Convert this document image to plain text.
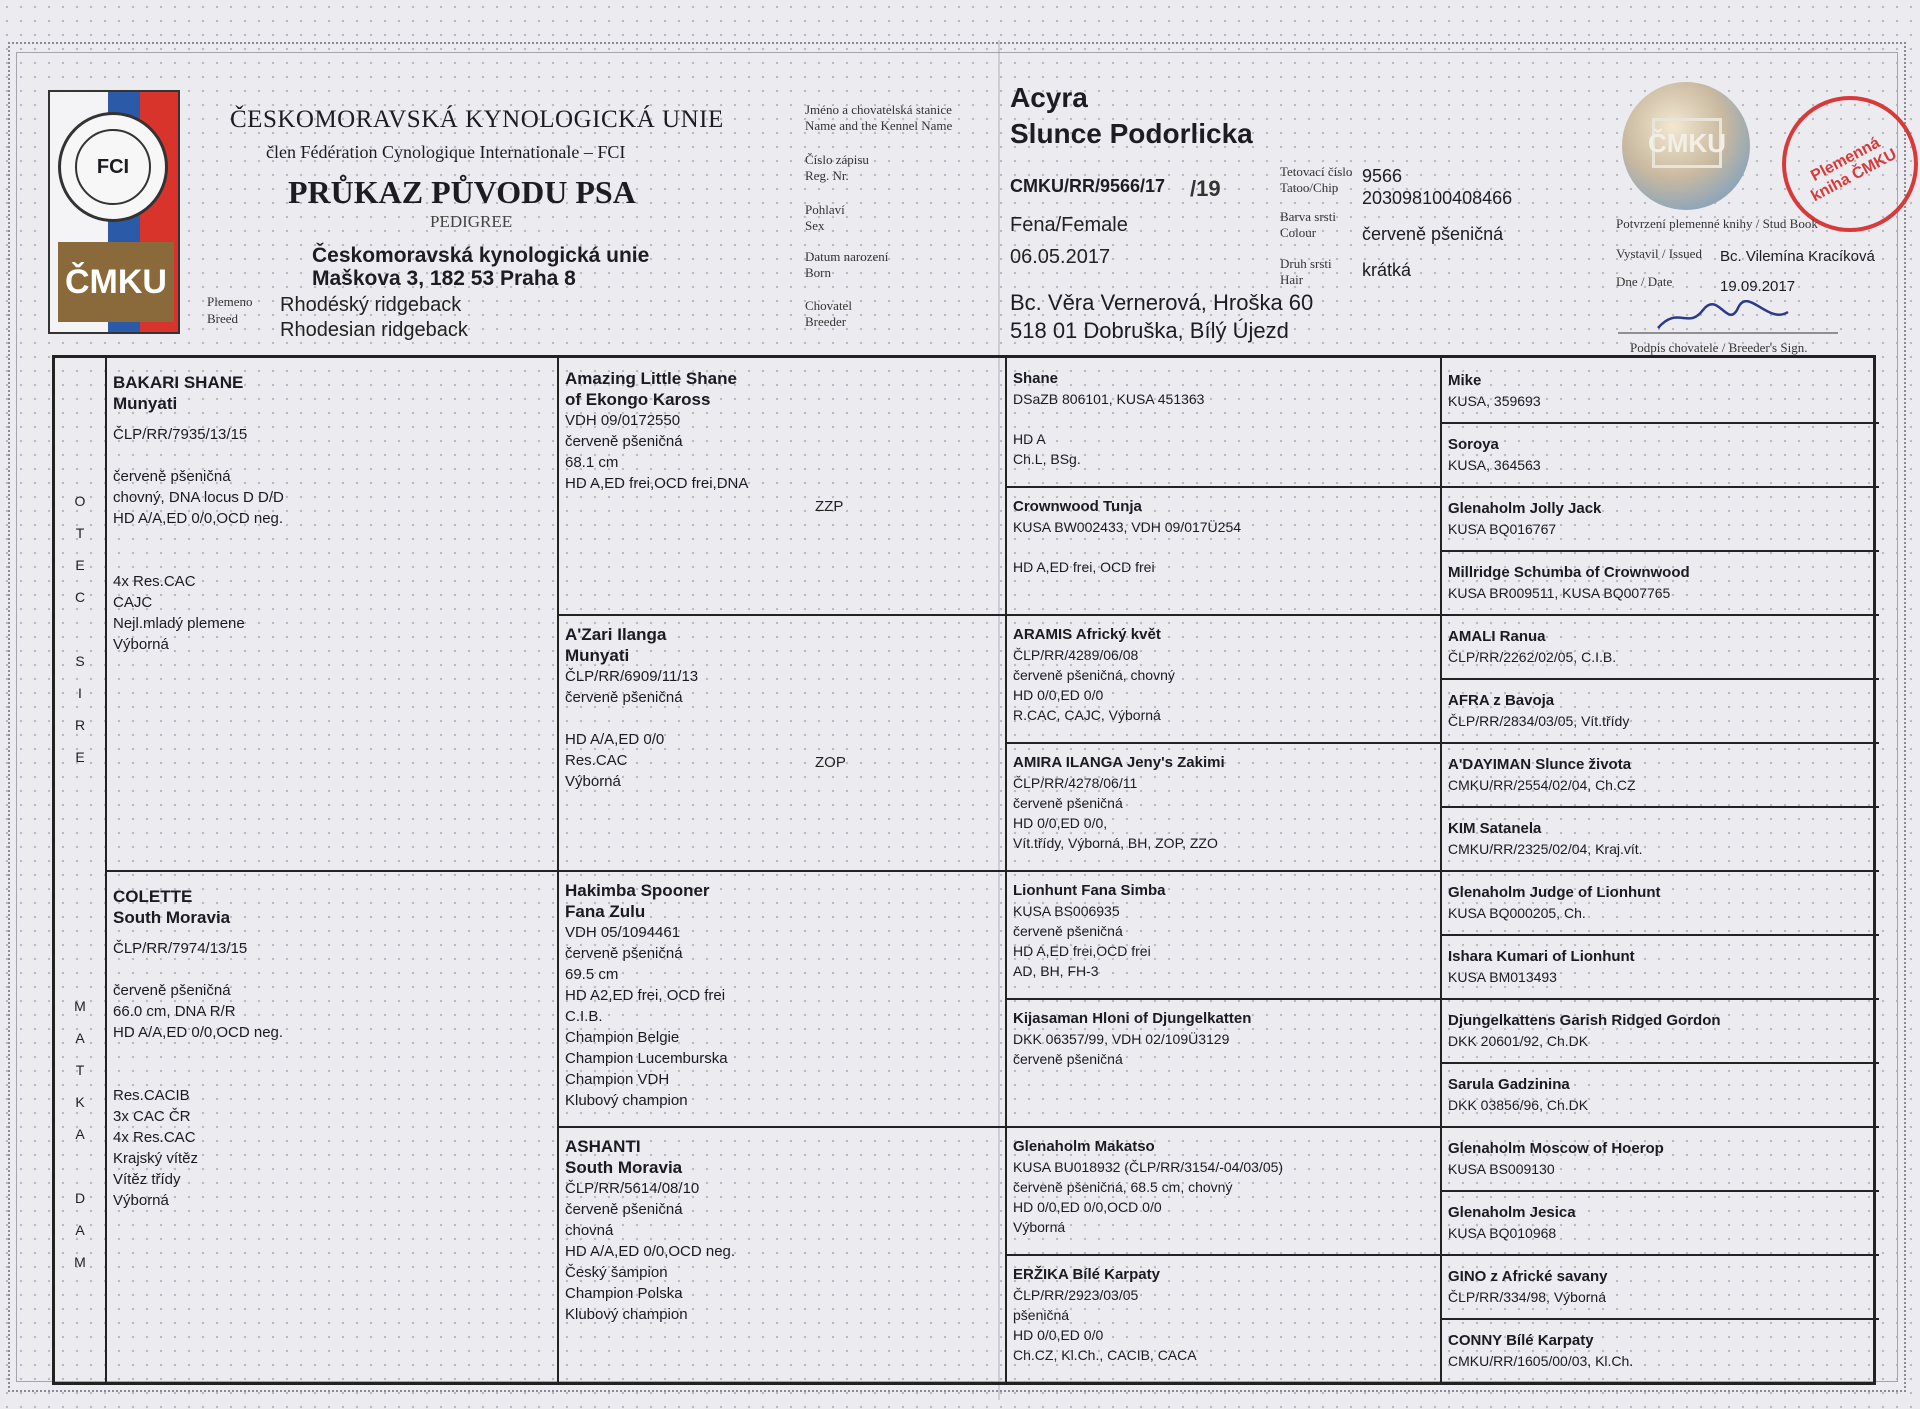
FCI
ČMKU
ČESKOMORAVSKÁ KYNOLOGICKÁ UNIE
člen Fédération Cynologique Internationale – FCI
PRŮKAZ PŮVODU PSA
PEDIGREE
Českomoravská kynologická unie
Maškova 3, 182 53 Praha 8
Plemeno
Breed
Rhodéský ridgeback
Rhodesian ridgeback
Jméno a chovatelská stanice
Name and the Kennel Name
Číslo zápisu
Reg. Nr.
Pohlaví
Sex
Datum narození
Born
Chovatel
Breeder
Acyra
Slunce Podorlicka
CMKU/RR/9566/17 /19
Fena/Female
06.05.2017
Bc. Věra Vernerová, Hroška 60
518 01 Dobruška, Bílý Újezd
Tetovací číslo
Tatoo/Chip
Barva srsti
Colour
Druh srsti
Hair
9566
203098100408466
červeně pšeničná
krátká
ČMKU	Plemenná kniha ČMKU
Potvrzení plemenné knihy / Stud Book
Vystavil / Issued Bc. Vilemína Kracíková
Dne / Date	19.09.2017
Podpis chovatele / Breeder's Sign.
O
T
E
C
S
I
R
E
M
A
T
K
A
D
A
M
BAKARI SHANE
Munyati
ČLP/RR/7935/13/15
červeně pšeničná
chovný, DNA locus D D/D
HD A/A,ED 0/0,OCD neg.
4x Res.CAC
CAJC
Nejl.mladý plemene
Výborná
COLETTE
South Moravia
ČLP/RR/7974/13/15
červeně pšeničná
66.0 cm, DNA R/R
HD A/A,ED 0/0,OCD neg.
Res.CACIB
3x CAC ČR
4x Res.CAC
Krajský vítěz
Vítěz třídy
Výborná
Amazing Little Shane
of Ekongo Kaross
VDH 09/0172550
červeně pšeničná
68.1 cm
HD A,ED frei,OCD frei,DNA
ZZP
A'Zari Ilanga
Munyati
ČLP/RR/6909/11/13
červeně pšeničná
HD A/A,ED 0/0
Res.CAC
Výborná
ZOP
Hakimba Spooner
Fana Zulu
VDH 05/1094461
červeně pšeničná
69.5 cm
HD A2,ED frei, OCD frei
C.I.B.
Champion Belgie
Champion Lucemburska
Champion VDH
Klubový champion
ASHANTI
South Moravia
ČLP/RR/5614/08/10
červeně pšeničná
chovná
HD A/A,ED 0/0,OCD neg.
Český šampion
Champion Polska
Klubový champion
Shane
DSaZB 806101, KUSA 451363
HD A
Ch.L, BSg.
Crownwood Tunja
KUSA BW002433, VDH 09/017Ü254
HD A,ED frei, OCD frei
ARAMIS Africký květ
ČLP/RR/4289/06/08
červeně pšeničná, chovný
HD 0/0,ED 0/0
R.CAC, CAJC, Výborná
AMIRA ILANGA Jeny's Zakimi
ČLP/RR/4278/06/11
červeně pšeničná
HD 0/0,ED 0/0,
Vít.třídy, Výborná, BH, ZOP, ZZO
Lionhunt Fana Simba
KUSA BS006935
červeně pšeničná
HD A,ED frei,OCD frei
AD, BH, FH-3
Kijasaman Hloni of Djungelkatten
DKK 06357/99, VDH 02/109Ü3129
červeně pšeničná
Glenaholm Makatso
KUSA BU018932 (ČLP/RR/3154/-04/03/05)
červeně pšeničná, 68.5 cm, chovný
HD 0/0,ED 0/0,OCD 0/0
Výborná
ERŽIKA Bílé Karpaty
ČLP/RR/2923/03/05
pšeničná
HD 0/0,ED 0/0
Ch.CZ, Kl.Ch., CACIB, CACA
Mike
KUSA, 359693
Soroya
KUSA, 364563
Glenaholm Jolly Jack
KUSA BQ016767
Millridge Schumba of Crownwood
KUSA BR009511, KUSA BQ007765
AMALI Ranua
ČLP/RR/2262/02/05, C.I.B.
AFRA z Bavoja
ČLP/RR/2834/03/05, Vít.třídy
A'DAYIMAN Slunce života
CMKU/RR/2554/02/04, Ch.CZ
KIM Satanela
CMKU/RR/2325/02/04, Kraj.vít.
Glenaholm Judge of Lionhunt
KUSA BQ000205, Ch.
Ishara Kumari of Lionhunt
KUSA BM013493
Djungelkattens Garish Ridged Gordon
DKK 20601/92, Ch.DK
Sarula Gadzinina
DKK 03856/96, Ch.DK
Glenaholm Moscow of Hoerop
KUSA BS009130
Glenaholm Jesica
KUSA BQ010968
GINO z Africké savany
ČLP/RR/334/98, Výborná
CONNY Bílé Karpaty
CMKU/RR/1605/00/03, Kl.Ch.
